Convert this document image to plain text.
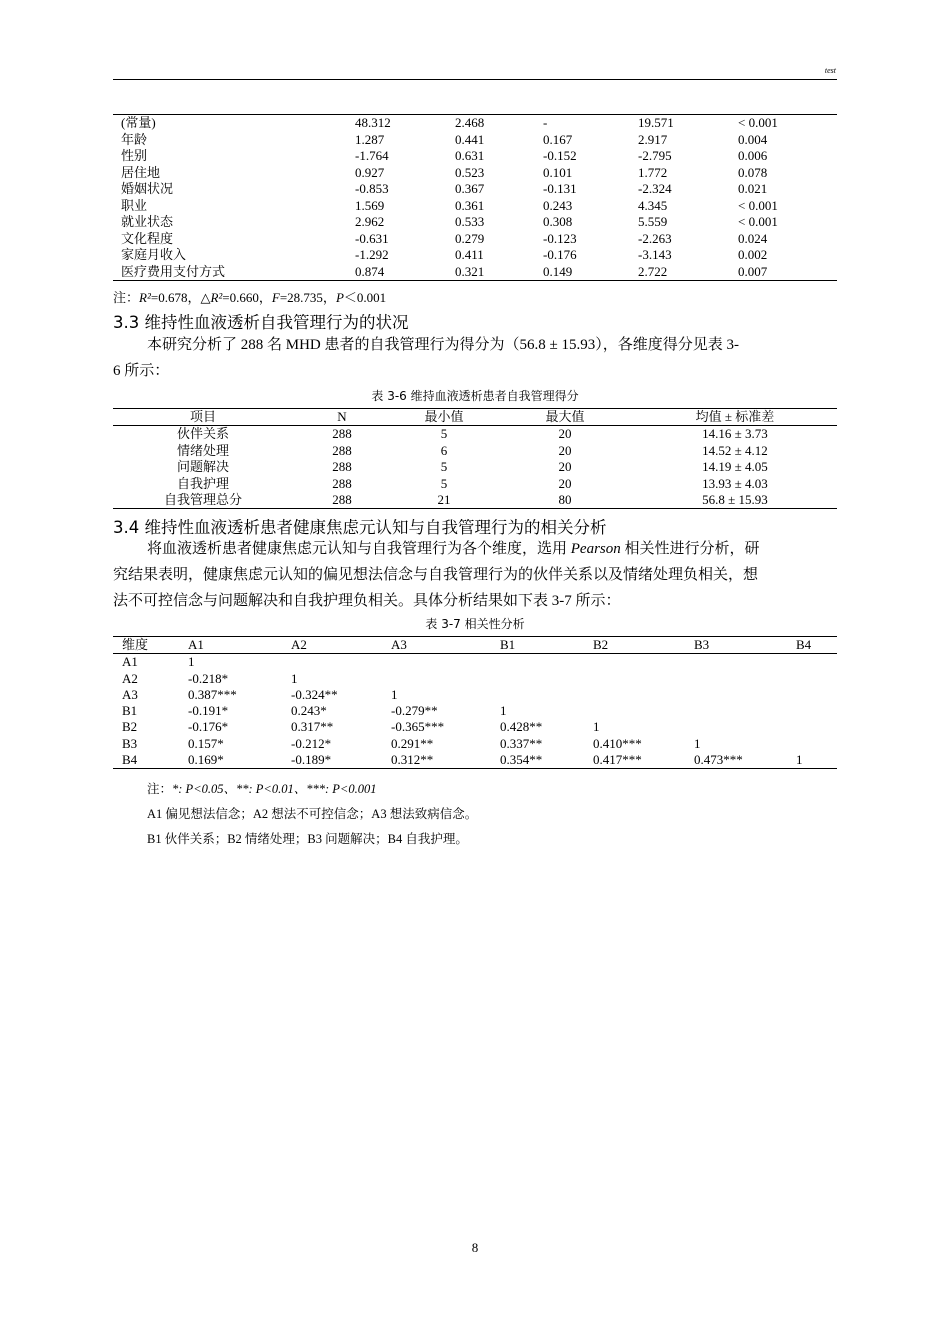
test
(常量)	48.312	2.468	-	19.571	< 0.001
年龄	1.287	0.441	0.167	2.917	0.004
性别	-1.764	0.631	-0.152	-2.795	0.006
居住地	0.927	0.523	0.101	1.772	0.078
婚姻状况	-0.853	0.367	-0.131	-2.324	0.021
职业	1.569	0.361	0.243	4.345	< 0.001
就业状态	2.962	0.533	0.308	5.559	< 0.001
文化程度	-0.631	0.279	-0.123	-2.263	0.024
家庭月收入	-1.292	0.411	-0.176	-3.143	0.002
医疗费用支付方式	0.874	0.321	0.149	2.722	0.007
注：R²=0.678，△R²=0.660，F=28.735，P＜0.001
3.3 维持性血液透析自我管理行为的状况
本研究分析了 288 名 MHD 患者的自我管理行为得分为（56.8 ± 15.93），各维度得分见表 3-
6 所示：
表 3-6 维持血液透析患者自我管理得分
项目	N	最小值	最大值	均值 ± 标准差
伙伴关系	288	5	20	14.16 ± 3.73
情绪处理	288	6	20	14.52 ± 4.12
问题解决	288	5	20	14.19 ± 4.05
自我护理	288	5	20	13.93 ± 4.03
自我管理总分	288	21	80	56.8 ± 15.93
3.4 维持性血液透析患者健康焦虑元认知与自我管理行为的相关分析
将血液透析患者健康焦虑元认知与自我管理行为各个维度，选用 Pearson 相关性进行分析，研
究结果表明，健康焦虑元认知的偏见想法信念与自我管理行为的伙伴关系以及情绪处理负相关，想
法不可控信念与问题解决和自我护理负相关。具体分析结果如下表 3-7 所示：
表 3-7 相关性分析
维度	A1	A2	A3	B1	B2	B3	B4
A1	1						
A2	-0.218*	1					
A3	0.387***	-0.324**	1				
B1	-0.191*	0.243*	-0.279**	1			
B2	-0.176*	0.317**	-0.365***	0.428**	1		
B3	0.157*	-0.212*	0.291**	0.337**	0.410***	1	
B4	0.169*	-0.189*	0.312**	0.354**	0.417***	0.473***	1
注：*: P<0.05、**: P<0.01、***: P<0.001
A1 偏见想法信念；A2 想法不可控信念；A3 想法致病信念。
B1 伙伴关系；B2 情绪处理；B3 问题解决；B4 自我护理。
8
